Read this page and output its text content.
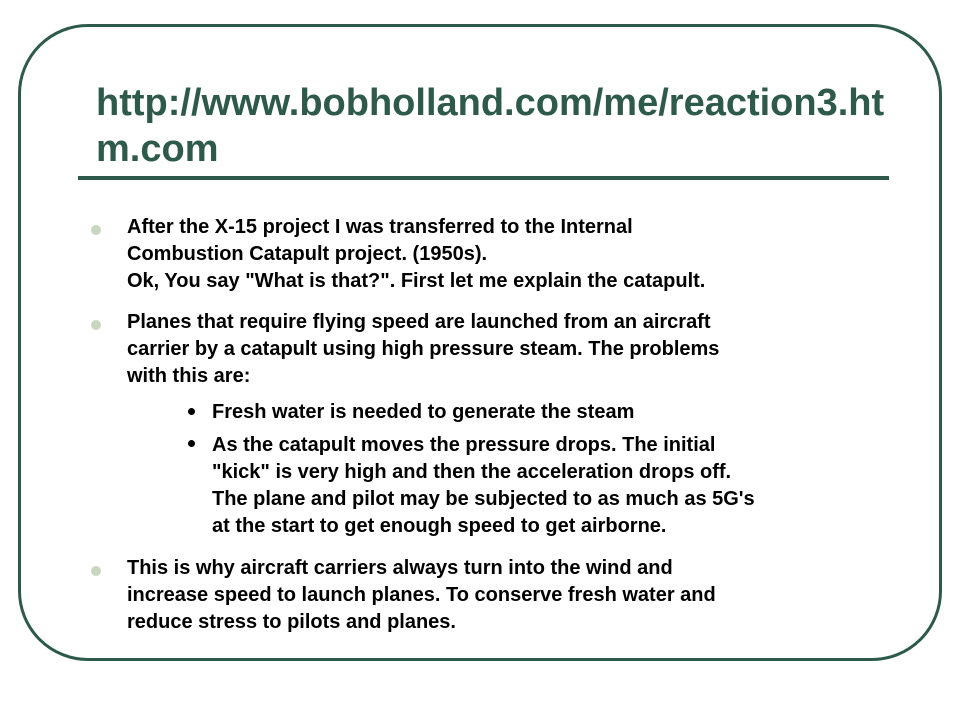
http://www.bobholland.com/me/reaction3.htm.com

After the X-15 project I was transferred to the Internal
Combustion Catapult project. (1950s).
Ok, You say "What is that?". First let me explain the catapult.

Planes that require flying speed are launched from an aircraft
carrier by a catapult using high pressure steam. The problems
with this are:

Fresh water is needed to generate the steam

As the catapult moves the pressure drops. The initial
"kick" is very high and then the acceleration drops off.
The plane and pilot may be subjected to as much as 5G's
at the start to get enough speed to get airborne.

This is why aircraft carriers always turn into the wind and
increase speed to launch planes. To conserve fresh water and
reduce stress to pilots and planes.
